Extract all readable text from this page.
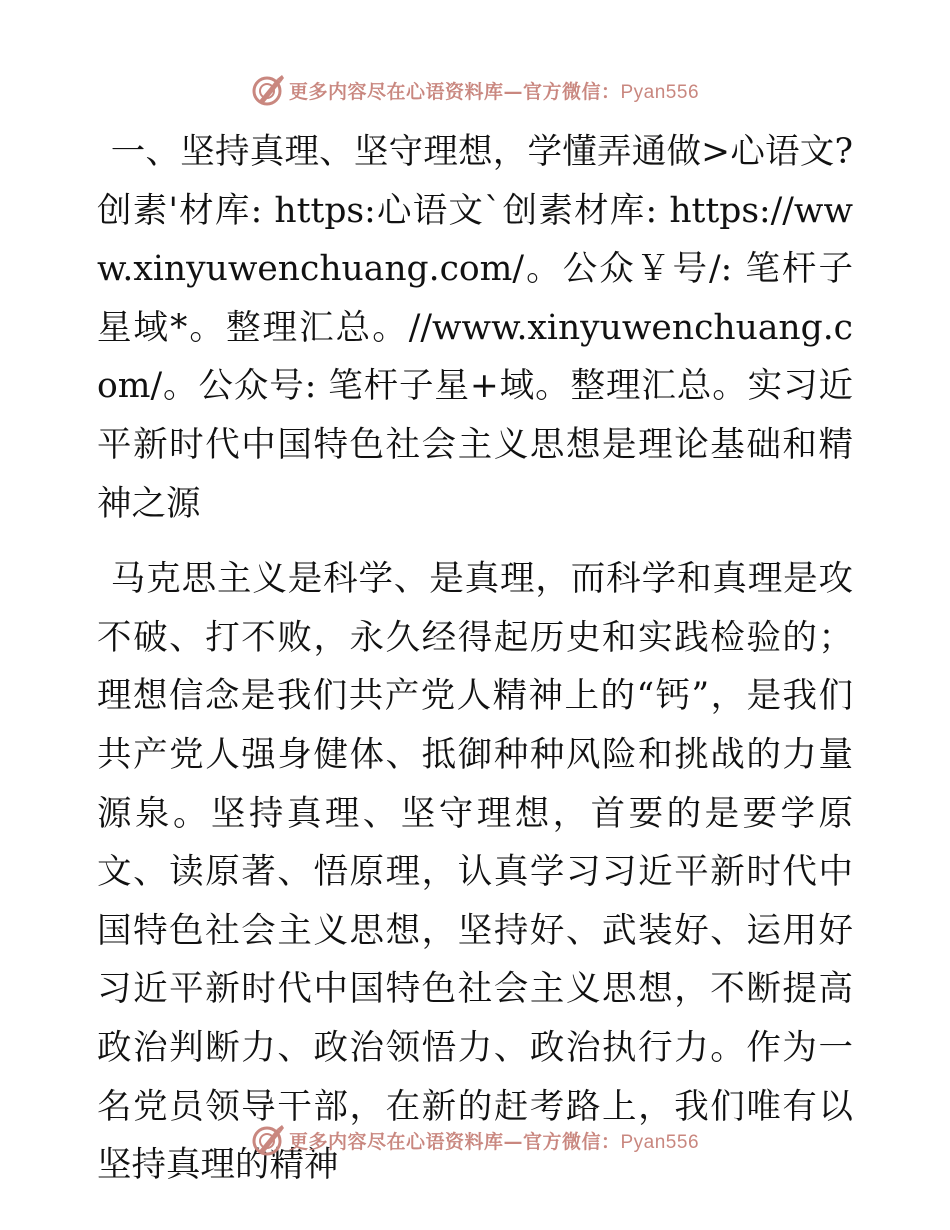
更多内容尽在心语资料库—官方微信：Pyan556

一、坚持真理、坚守理想，学懂弄通做>心语文?创素'材库: https:心语文`创素材库: https://www.xinyuwenchuang.com/。公众￥号/: 笔杆子星域*。整理汇总。//www.xinyuwenchuang.com/。公众号: 笔杆子星+域。整理汇总。实习近平新时代中国特色社会主义思想是理论基础和精神之源

马克思主义是科学、是真理，而科学和真理是攻不破、打不败，永久经得起历史和实践检验的；理想信念是我们共产党人精神上的“钙”，是我们共产党人强身健体、抵御种种风险和挑战的力量源泉。坚持真理、坚守理想，首要的是要学原文、读原著、悟原理，认真学习习近平新时代中国特色社会主义思想，坚持好、武装好、运用好习近平新时代中国特色社会主义思想，不断提高政治判断力、政治领悟力、政治执行力。作为一名党员领导干部，在新的赶考路上，我们唯有以坚持真理的精神

更多内容尽在心语资料库—官方微信：Pyan556
